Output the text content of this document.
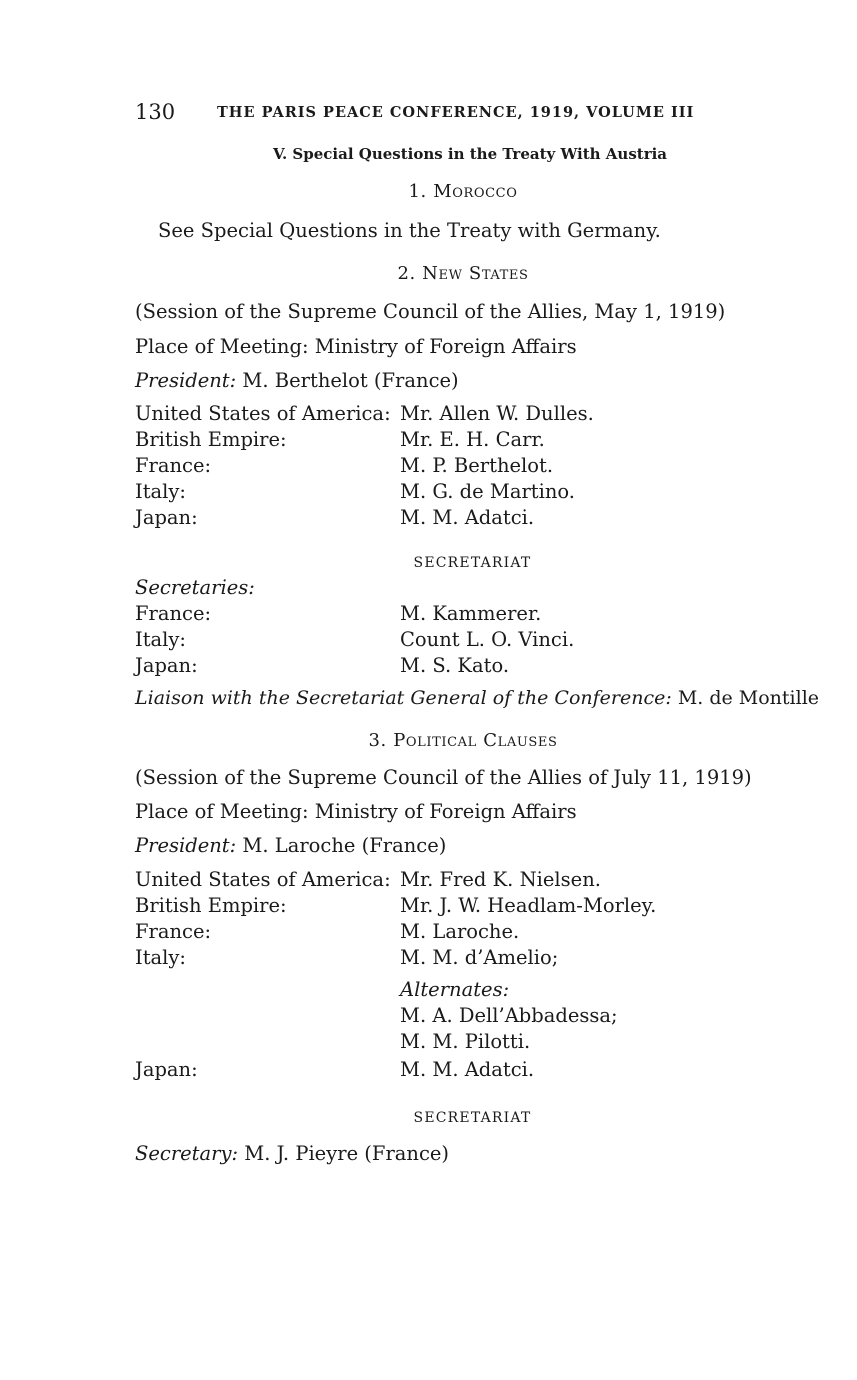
130	THE PARIS PEACE CONFERENCE, 1919, VOLUME III
V. Special Questions in the Treaty With Austria
1. Morocco
See Special Questions in the Treaty with Germany.
2. New States
(Session of the Supreme Council of the Allies, May 1, 1919)
Place of Meeting: Ministry of Foreign Affairs
President: M. Berthelot (France)
United States of America: Mr. Allen W. Dulles.
British Empire:	Mr. E. H. Carr.
France:	M. P. Berthelot.
Italy:	M. G. de Martino.
Japan:	M. M. Adatci.
SECRETARIAT
Secretaries:
France:	M. Kammerer.
Italy:	Count L. O. Vinci.
Japan:	M. S. Kato.
Liaison with the Secretariat General of the Conference: M. de Montille
3. Political Clauses
(Session of the Supreme Council of the Allies of July 11, 1919)
Place of Meeting: Ministry of Foreign Affairs
President: M. Laroche (France)
United States of America: Mr. Fred K. Nielsen.
British Empire:	Mr. J. W. Headlam-Morley.
France:	M. Laroche.
Italy:	M. M. d’Amelio;
Alternates:
M. A. Dell’Abbadessa;
M. M. Pilotti.
Japan:	M. M. Adatci.
SECRETARIAT
Secretary: M. J. Pieyre (France)
